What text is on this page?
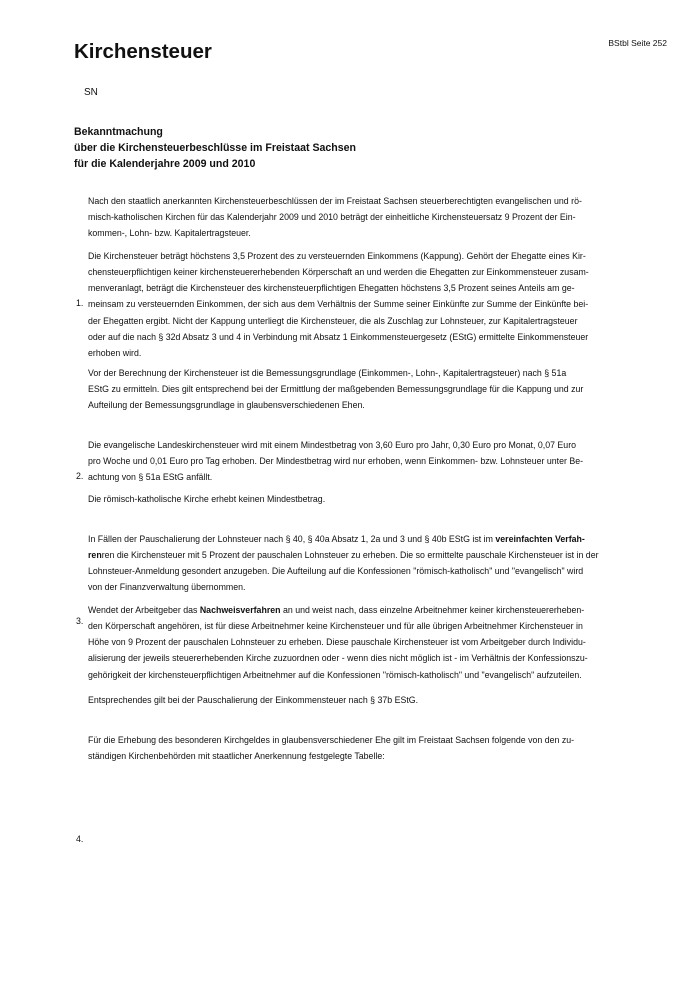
BStbl Seite 252
Kirchensteuer
SN
Bekanntmachung
über die Kirchensteuerbeschlüsse im Freistaat Sachsen
für die Kalenderjahre 2009 und 2010

Nach den staatlich anerkannten Kirchensteuerbeschlüssen der im Freistaat Sachsen steuerberechtigten evangelischen und rö-
misch-katholischen Kirchen für das Kalenderjahr 2009 und 2010 beträgt der einheitliche Kirchensteuersatz 9 Prozent der Ein-
kommen-, Lohn- bzw. Kapitalertragsteuer.

1.

Die Kirchensteuer beträgt höchstens 3,5 Prozent des zu versteuernden Einkommens (Kappung). Gehört der Ehegatte eines Kir-
chensteuerpflichtigen keiner kirchensteuererhebenden Körperschaft an und werden die Ehegatten zur Einkommensteuer zusam-
menveranlagt, beträgt die Kirchensteuer des kirchensteuerpflichtigen Ehegatten höchstens 3,5 Prozent seines Anteils am ge-
meinsam zu versteuernden Einkommen, der sich aus dem Verhältnis der Summe seiner Einkünfte zur Summe der Einkünfte bei-
der Ehegatten ergibt. Nicht der Kappung unterliegt die Kirchensteuer, die als Zuschlag zur Lohnsteuer, zur Kapitalertragsteuer
oder auf die nach § 32d Absatz 3 und 4 in Verbindung mit Absatz 1 Einkommensteuergesetz (EStG) ermittelte Einkommensteuer
erhoben wird.

Vor der Berechnung der Kirchensteuer ist die Bemessungsgrundlage (Einkommen-, Lohn-, Kapitalertragsteuer) nach § 51a
EStG zu ermitteln. Dies gilt entsprechend bei der Ermittlung der maßgebenden Bemessungsgrundlage für die Kappung und zur
Aufteilung der Bemessungsgrundlage in glaubensverschiedenen Ehen.

2.

Die evangelische Landeskirchensteuer wird mit einem Mindestbetrag von 3,60 Euro pro Jahr, 0,30 Euro pro Monat, 0,07 Euro
pro Woche und 0,01 Euro pro Tag erhoben. Der Mindestbetrag wird nur erhoben, wenn Einkommen- bzw. Lohnsteuer unter Be-
achtung von § 51a EStG anfällt.

Die römisch-katholische Kirche erhebt keinen Mindestbetrag.

3.

In Fällen der Pauschalierung der Lohnsteuer nach § 40, § 40a Absatz 1, 2a und 3 und § 40b EStG ist im vereinfachten Verfah-
renren die Kirchensteuer mit 5 Prozent der pauschalen Lohnsteuer zu erheben. Die so ermittelte pauschale Kirchensteuer ist in der
Lohnsteuer-Anmeldung gesondert anzugeben. Die Aufteilung auf die Konfessionen "römisch-katholisch" und "evangelisch" wird
von der Finanzverwaltung übernommen.

Wendet der Arbeitgeber das Nachweisverfahren an und weist nach, dass einzelne Arbeitnehmer keiner kirchensteuererheben-
den Körperschaft angehören, ist für diese Arbeitnehmer keine Kirchensteuer und für alle übrigen Arbeitnehmer Kirchensteuer in
Höhe von 9 Prozent der pauschalen Lohnsteuer zu erheben. Diese pauschale Kirchensteuer ist vom Arbeitgeber durch Individu-
alisierung der jeweils steuererhebenden Kirche zuzuordnen oder - wenn dies nicht möglich ist - im Verhältnis der Konfessionszu-
gehörigkeit der kirchensteuerpflichtigen Arbeitnehmer auf die Konfessionen "römisch-katholisch" und "evangelisch" aufzuteilen.

Entsprechendes gilt bei der Pauschalierung der Einkommensteuer nach § 37b EStG.

4.

Für die Erhebung des besonderen Kirchgeldes in glaubensverschiedener Ehe gilt im Freistaat Sachsen folgende von den zu-
ständigen Kirchenbehörden mit staatlicher Anerkennung festgelegte Tabelle:
